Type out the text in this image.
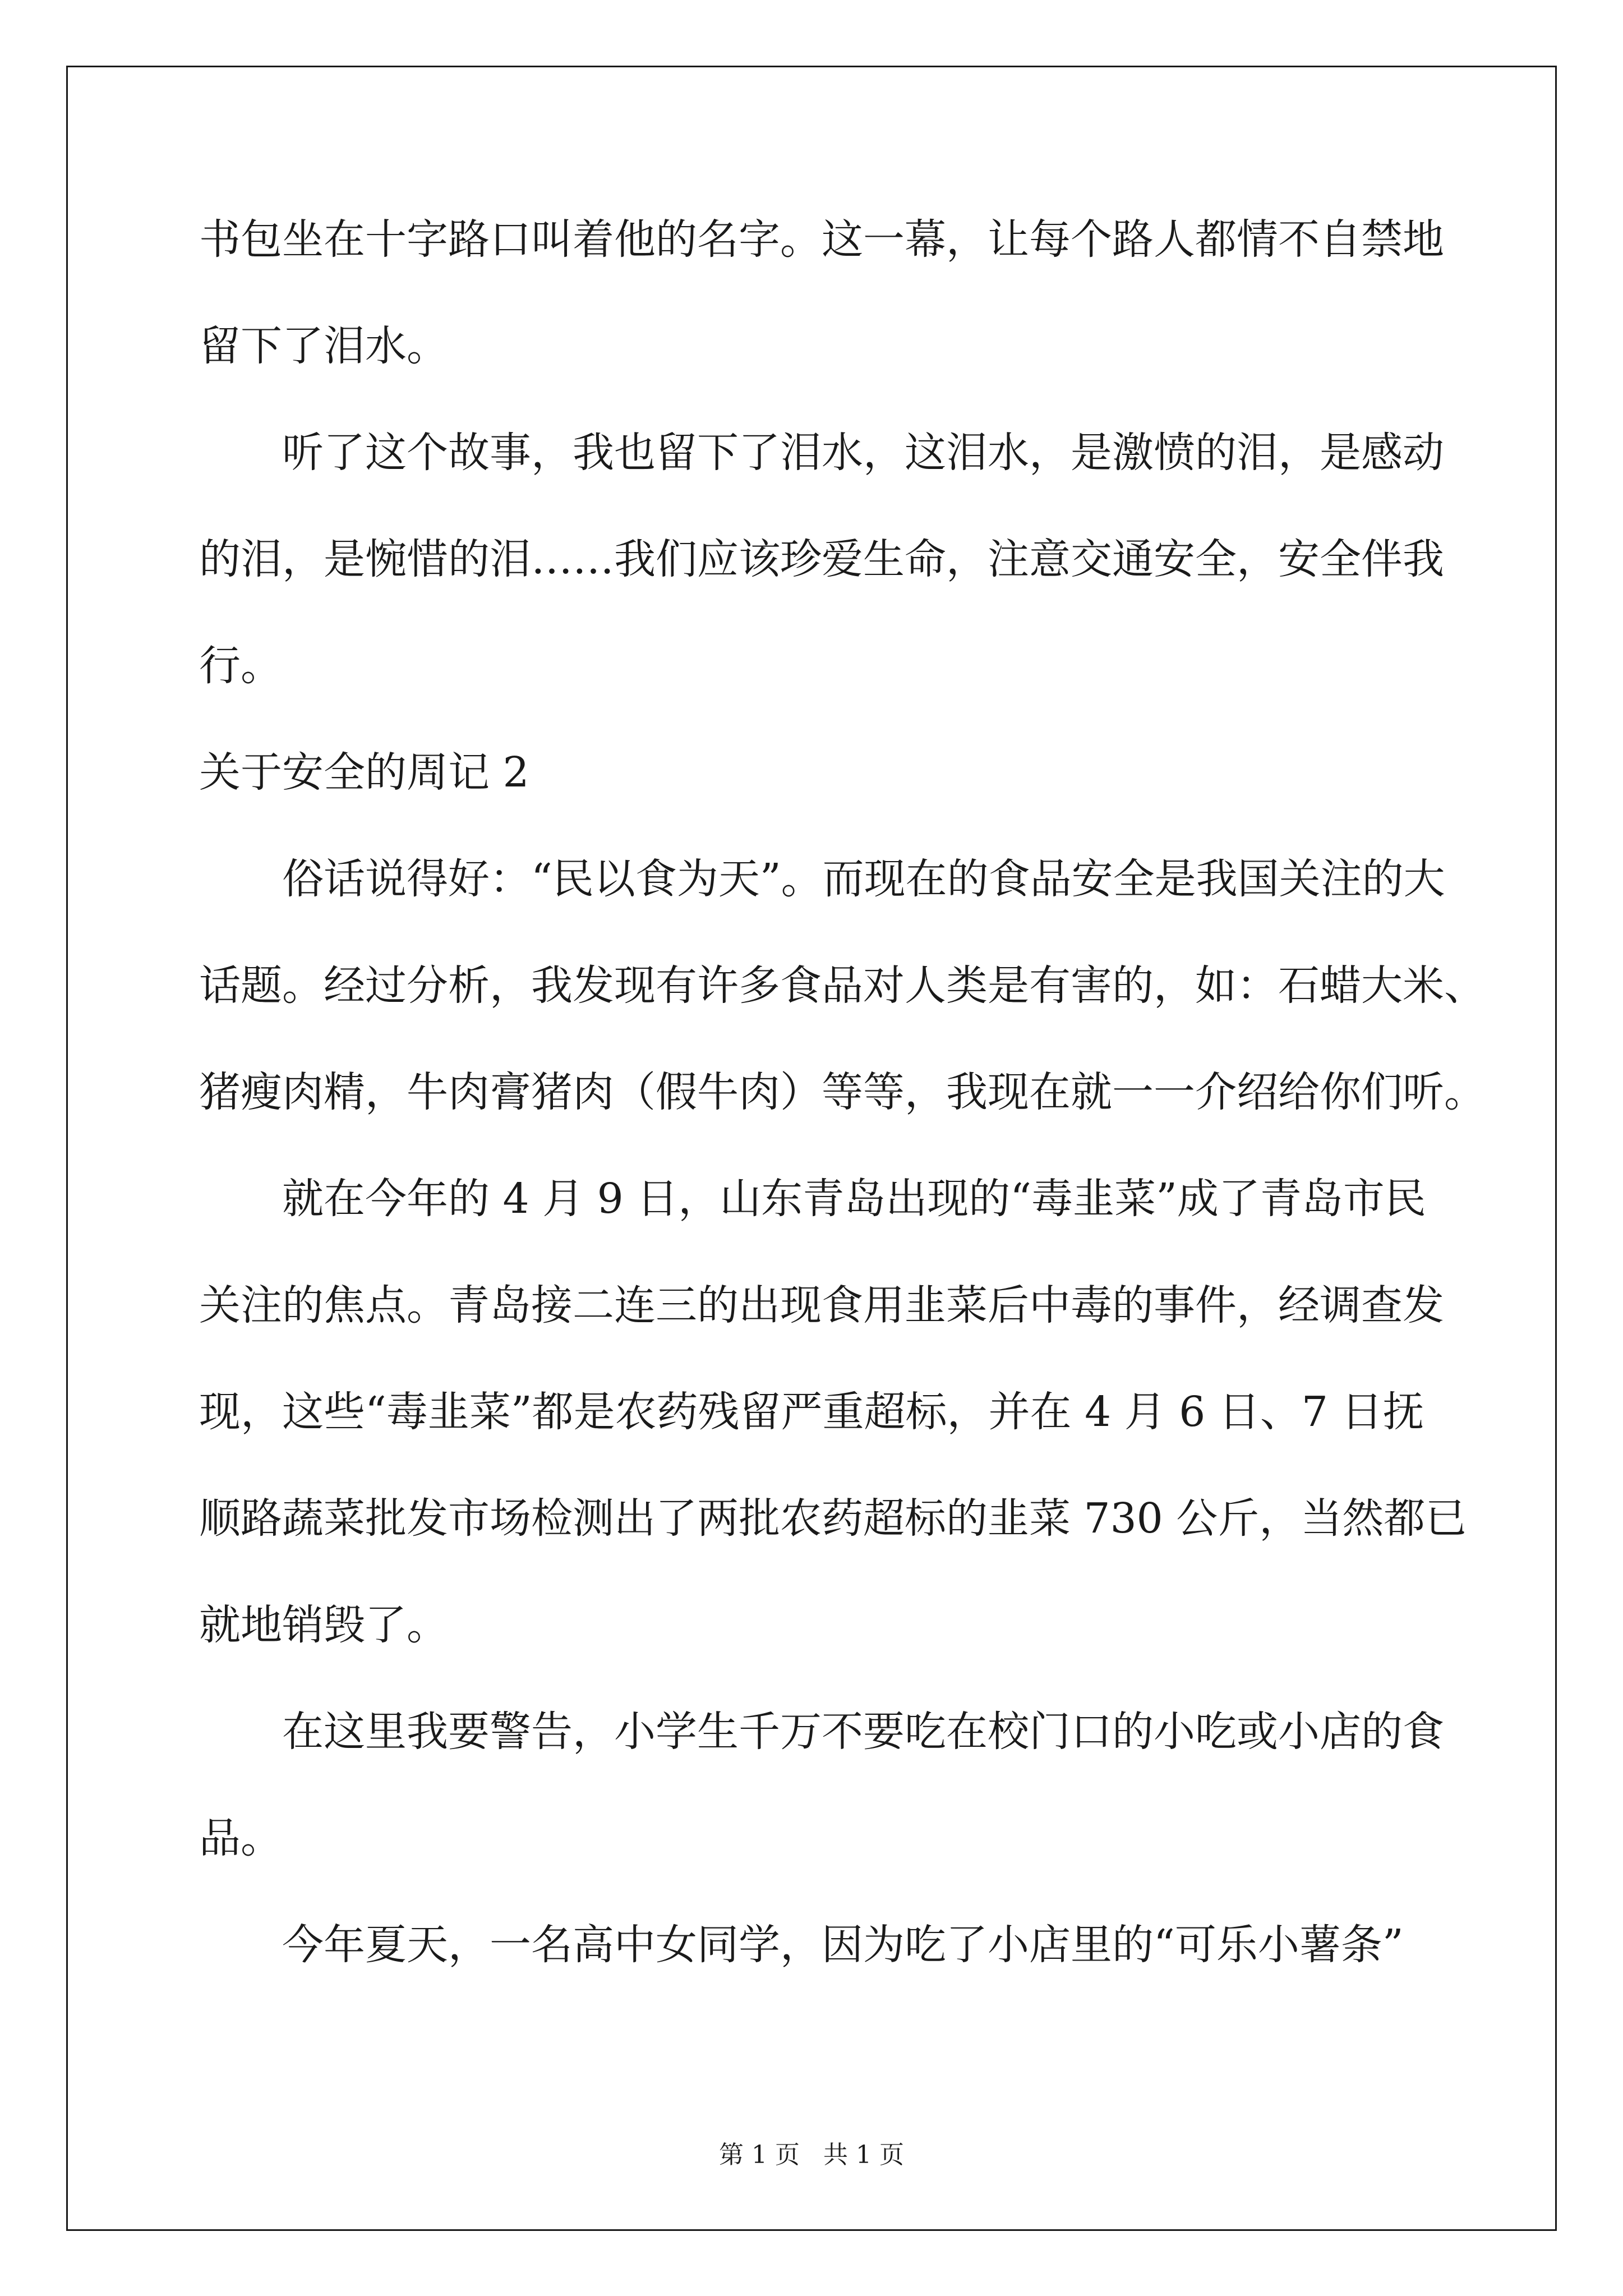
书包坐在十字路口叫着他的名字。这一幕，让每个路人都情不自禁地
留下了泪水。
听了这个故事，我也留下了泪水，这泪水，是激愤的泪，是感动
的泪，是惋惜的泪……我们应该珍爱生命，注意交通安全，安全伴我
行。
关于安全的周记 2
俗话说得好：“民以食为天”。而现在的食品安全是我国关注的大
话题。经过分析，我发现有许多食品对人类是有害的，如：石蜡大米、
猪瘦肉精，牛肉膏猪肉（假牛肉）等等，我现在就一一介绍给你们听。
就在今年的 4 月 9 日，山东青岛出现的“毒韭菜”成了青岛市民
关注的焦点。青岛接二连三的出现食用韭菜后中毒的事件，经调查发
现，这些“毒韭菜”都是农药残留严重超标，并在 4 月 6 日、7 日抚
顺路蔬菜批发市场检测出了两批农药超标的韭菜 730 公斤，当然都已
就地销毁了。
在这里我要警告，小学生千万不要吃在校门口的小吃或小店的食
品。
今年夏天，一名高中女同学，因为吃了小店里的“可乐小薯条”
第 1 页   共 1 页
